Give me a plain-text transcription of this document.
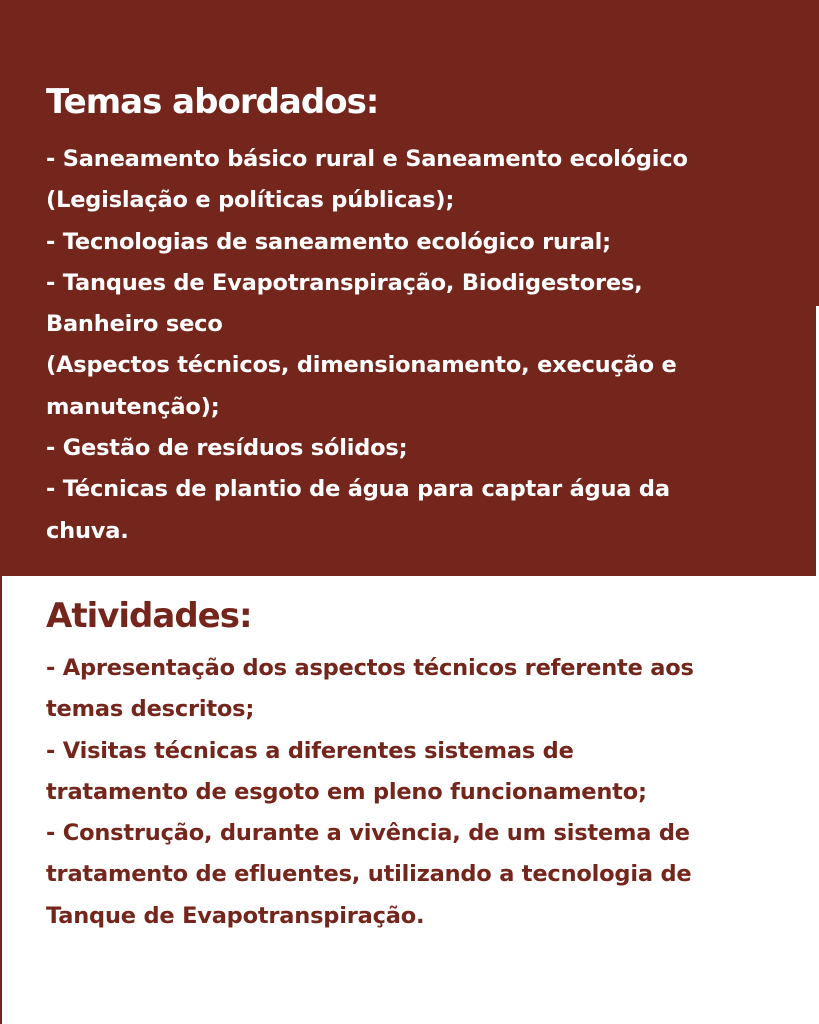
Temas abordados:
- Saneamento básico rural e Saneamento ecológico
(Legislação e políticas públicas);
- Tecnologias de saneamento ecológico rural;
- Tanques de Evapotranspiração, Biodigestores,
Banheiro seco
(Aspectos técnicos, dimensionamento, execução e
manutenção);
- Gestão de resíduos sólidos;
- Técnicas de plantio de água para captar água da
chuva.
Atividades:
- Apresentação dos aspectos técnicos referente aos
temas descritos;
- Visitas técnicas a diferentes sistemas de
tratamento de esgoto em pleno funcionamento;
- Construção, durante a vivência, de um sistema de
tratamento de efluentes, utilizando a tecnologia de
Tanque de Evapotranspiração.
